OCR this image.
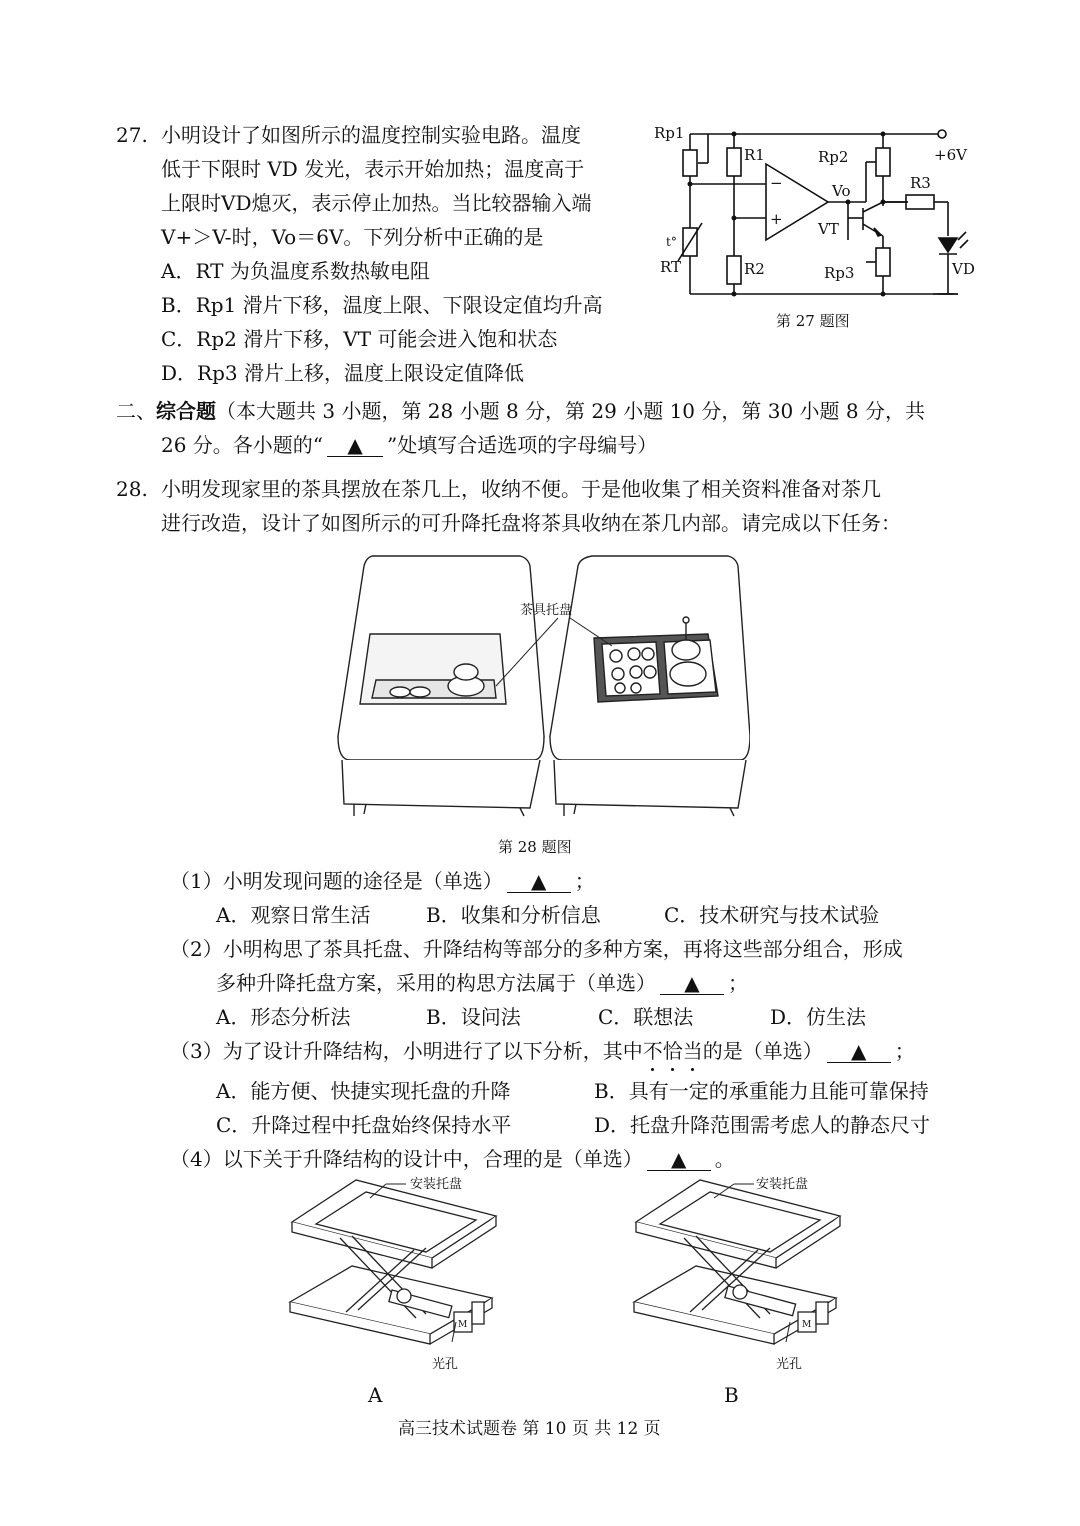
27. 小明设计了如图所示的温度控制实验电路。温度
低于下限时 VD 发光，表示开始加热；温度高于
上限时VD熄灭，表示停止加热。当比较器输入端
V+＞V-时，Vo＝6V。下列分析中正确的是
A．RT 为负温度系数热敏电阻
B．Rp1 滑片下移，温度上限、下限设定值均升高
C．Rp2 滑片下移，VT 可能会进入饱和状态
D．Rp3 滑片上移，温度上限设定值降低
Rp1
R1	Rp2	+6V
−
+
Vo	R3
VT
t°
RT	R2	Rp3	VD
第 27 题图
二、综合题（本大题共 3 小题，第 28 小题 8 分，第 29 小题 10 分，第 30 小题 8 分，共
26 分。各小题的“ ▲ ”处填写合适选项的字母编号）
28. 小明发现家里的茶具摆放在茶几上，收纳不便。于是他收集了相关资料准备对茶几
进行改造，设计了如图所示的可升降托盘将茶具收纳在茶几内部。请完成以下任务：
茶具托盘
第 28 题图
（1）小明发现问题的途径是（单选） ▲ ；
A．观察日常生活	B．收集和分析信息	C．技术研究与技术试验
（2）小明构思了茶具托盘、升降结构等部分的多种方案，再将这些部分组合，形成
多种升降托盘方案，采用的构思方法属于（单选） ▲ ；
A．形态分析法	B．设问法	C．联想法	D．仿生法
（3）为了设计升降结构，小明进行了以下分析，其中不恰当的是（单选） ▲ ；
A．能方便、快捷实现托盘的升降	B．具有一定的承重能力且能可靠保持
C．升降过程中托盘始终保持水平	D．托盘升降范围需考虑人的静态尺寸
（4）以下关于升降结构的设计中，合理的是（单选） ▲ 。
安装托盘
M
光孔
A
安装托盘
M
光孔
B
高三技术试题卷 第 10 页 共 12 页
